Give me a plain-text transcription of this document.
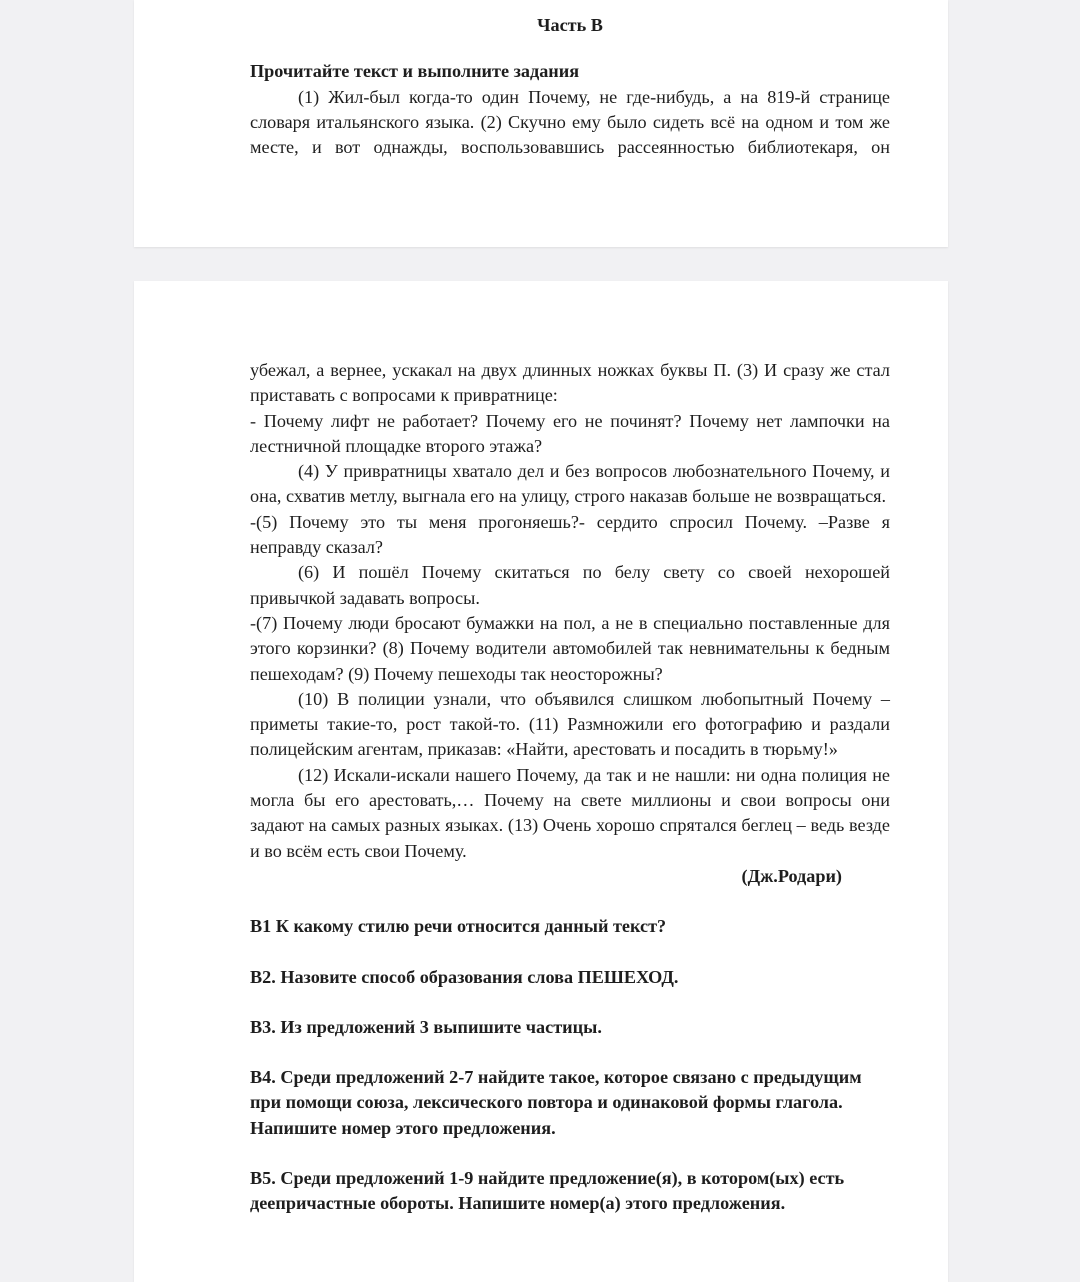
Часть В
Прочитайте текст и выполните задания

(1) Жил-был когда-то один Почему, не где-нибудь, а на 819-й странице словаря итальянского языка. (2) Скучно ему было сидеть всё на одном и том же месте, и вот однажды, воспользовавшись рассеянностью библиотекаря, он

убежал, а вернее, ускакал на двух длинных ножках буквы П. (3) И сразу же стал приставать с вопросами к привратнице:

- Почему лифт не работает? Почему его не починят? Почему нет лампочки на лестничной площадке второго этажа?

(4) У привратницы хватало дел и без вопросов любознательного Почему, и она, схватив метлу, выгнала его на улицу, строго наказав больше не возвращаться.

-(5) Почему это ты меня прогоняешь?- сердито спросил Почему. –Разве я неправду сказал?

(6) И пошёл Почему скитаться по белу свету со своей нехорошей привычкой задавать вопросы.

-(7) Почему люди бросают бумажки на пол, а не в специально поставленные для этого корзинки? (8) Почему водители автомобилей так невнимательны к бедным пешеходам? (9) Почему пешеходы так неосторожны?

(10) В полиции узнали, что объявился слишком любопытный Почему – приметы такие-то, рост такой-то. (11) Размножили его фотографию и раздали полицейским агентам, приказав: «Найти, арестовать и посадить в тюрьму!»

(12) Искали-искали нашего Почему, да так и не нашли: ни одна полиция не могла бы его арестовать,… Почему на свете миллионы и свои вопросы они задают на самых разных языках. (13) Очень хорошо спрятался беглец – ведь везде и во всём есть свои Почему.

(Дж.Родари)
В1 К какому стилю речи относится данный текст?
В2. Назовите способ образования слова ПЕШЕХОД.
В3. Из предложений 3 выпишите частицы.
В4. Среди предложений 2-7 найдите такое, которое связано с предыдущим при помощи союза, лексического повтора и одинаковой формы глагола. Напишите номер этого предложения.
В5. Среди предложений 1-9 найдите предложение(я), в котором(ых) есть деепричастные обороты. Напишите номер(а) этого предложения.
